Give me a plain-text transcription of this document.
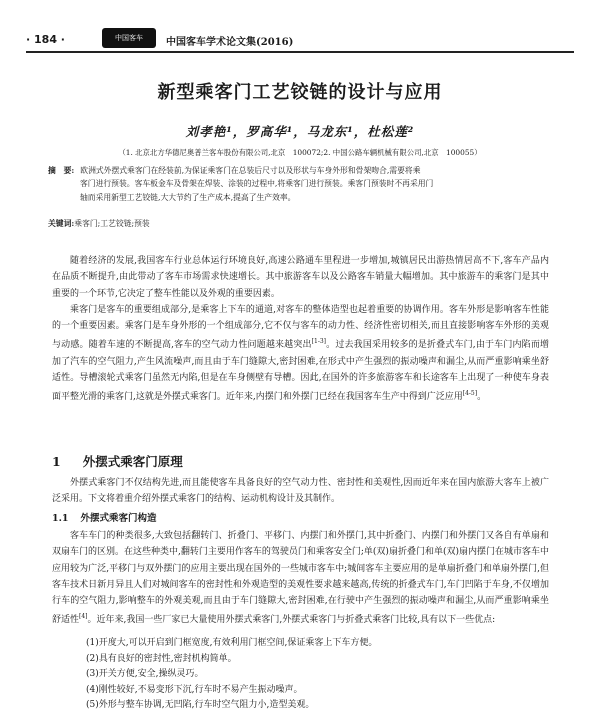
· 184 ·	中国客车	中国客车学术论文集(2016)
新型乘客门工艺铰链的设计与应用
刘孝艳¹，罗高华¹，马龙东¹，杜松莲²
（1. 北京北方华德尼奥普兰客车股份有限公司,北京　100072;2. 中国公路车辆机械有限公司,北京　100055）
摘　要: 欧洲式外摆式乘客门在经装前,为保证乘客门在总装后尺寸以及形状与车身外形和骨架吻合,需要将乘
客门进行预装。客车板金车及骨架在焊装、涂装的过程中,将乘客门进行预装。乘客门预装时不再采用门
轴而采用新型工艺铰链,大大节约了生产成本,提高了生产效率。
关键词:乘客门;工艺铰链;预装
随着经济的发展,我国客车行业总体运行环境良好,高速公路通车里程进一步增加,城镇居民出游热情居高不下,客车产品内在品质不断提升,由此带动了客车市场需求快速增长。其中旅游客车以及公路客车销量大幅增加。其中旅游车的乘客门是其中重要的一个环节,它决定了整车性能以及外观的重要因素。
乘客门是客车的重要组成部分,是乘客上下车的通道,对客车的整体造型也起着重要的协调作用。客车外形是影响客车性能的一个重要因素。乘客门是车身外形的一个组成部分,它不仅与客车的动力性、经济性密切相关,而且直接影响客车外形的美观与动感。随着车速的不断提高,客车的空气动力性问题越来越突出[1-3]。过去我国采用较多的是折叠式车门,由于车门内陷而增加了汽车的空气阻力,产生风流噪声,而且由于车门缝隙大,密封困难,在形式中产生强烈的振动噪声和漏尘,从而严重影响乘坐舒适性。导槽滚轮式乘客门虽然无内陷,但是在车身侧壁有导槽。因此,在国外的许多旅游客车和长途客车上出现了一种使车身表面平整光滑的乘客门,这就是外摆式乘客门。近年来,内摆门和外摆门已经在我国客车生产中得到广泛应用[4-5]。
1 外摆式乘客门原理
外摆式乘客门不仅结构先进,而且能使客车具备良好的空气动力性、密封性和美观性,因而近年来在国内旅游大客车上被广泛采用。下文将着重介绍外摆式乘客门的结构、运动机构设计及其制作。
1.1 外摆式乘客门构造
客车车门的种类很多,大致包括翻转门、折叠门、平移门、内摆门和外摆门,其中折叠门、内摆门和外摆门又各自有单扇和双扇车门的区别。在这些种类中,翻转门主要用作客车的驾驶员门和乘客安全门;单(双)扇折叠门和单(双)扇内摆门在城市客车中应用较为广泛,平移门与双外摆门的应用主要出现在国外的一些城市客车中;城间客车主要应用的是单扇折叠门和单扇外摆门,但客车技术日新月异且人们对城间客车的密封性和外观造型的美观性要求越来越高,传统的折叠式车门,车门凹陷于车身,不仅增加行车的空气阻力,影响整车的外观美观,而且由于车门缝隙大,密封困难,在行驶中产生强烈的振动噪声和漏尘,从而严重影响乘坐舒适性[4]。近年来,我国一些厂家已大量使用外摆式乘客门,外摆式乘客门与折叠式乘客门比较,具有以下一些优点:
(1)开度大,可以开启到门框宽度,有效利用门框空间,保证乘客上下车方便。
(2)具有良好的密封性,密封机构简单。
(3)开关方便,安全,操纵灵巧。
(4)刚性较好,不易变形下沉,行车时不易产生振动噪声。
(5)外形与整车协调,无凹陷,行车时空气阻力小,造型美观。
